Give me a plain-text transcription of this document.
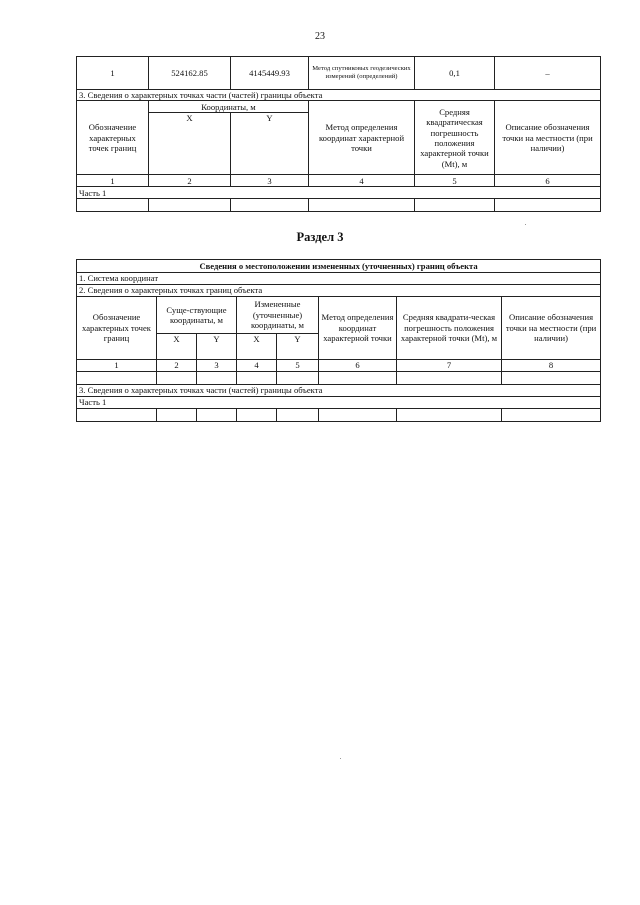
23
1	524162.85	4145449.93	Метод спутниковых геодезических измерений (определений)	0,1	–
3. Сведения о характерных точках части (частей) границы объекта					
Обозначение характерных точек границ	Координаты, м		Метод определения координат характерной точки	Средняя квадратическая погрешность положения характерной точки (Mt), м	Описание обозначения точки на местности (при наличии)
	X	Y			
1	2	3	4	5	6
Часть 1					

Раздел 3
Сведения о местоположении измененных (уточненных) границ объекта							
1. Система координат							
2. Сведения о характерных точках границ объекта							
Обозначение характерных точек границ	Суще-ствующие координаты, м		Измененные (уточненные) координаты, м		Метод определения координат характерной точки	Средняя квадрати-ческая погрешность положения характерной точки (Mt), м	Описание обозначения точки на местности (при наличии)
	X	Y	X	Y			
1	2	3	4	5	6	7	8

3. Сведения о характерных точках части (частей) границы объекта							
Часть 1							
